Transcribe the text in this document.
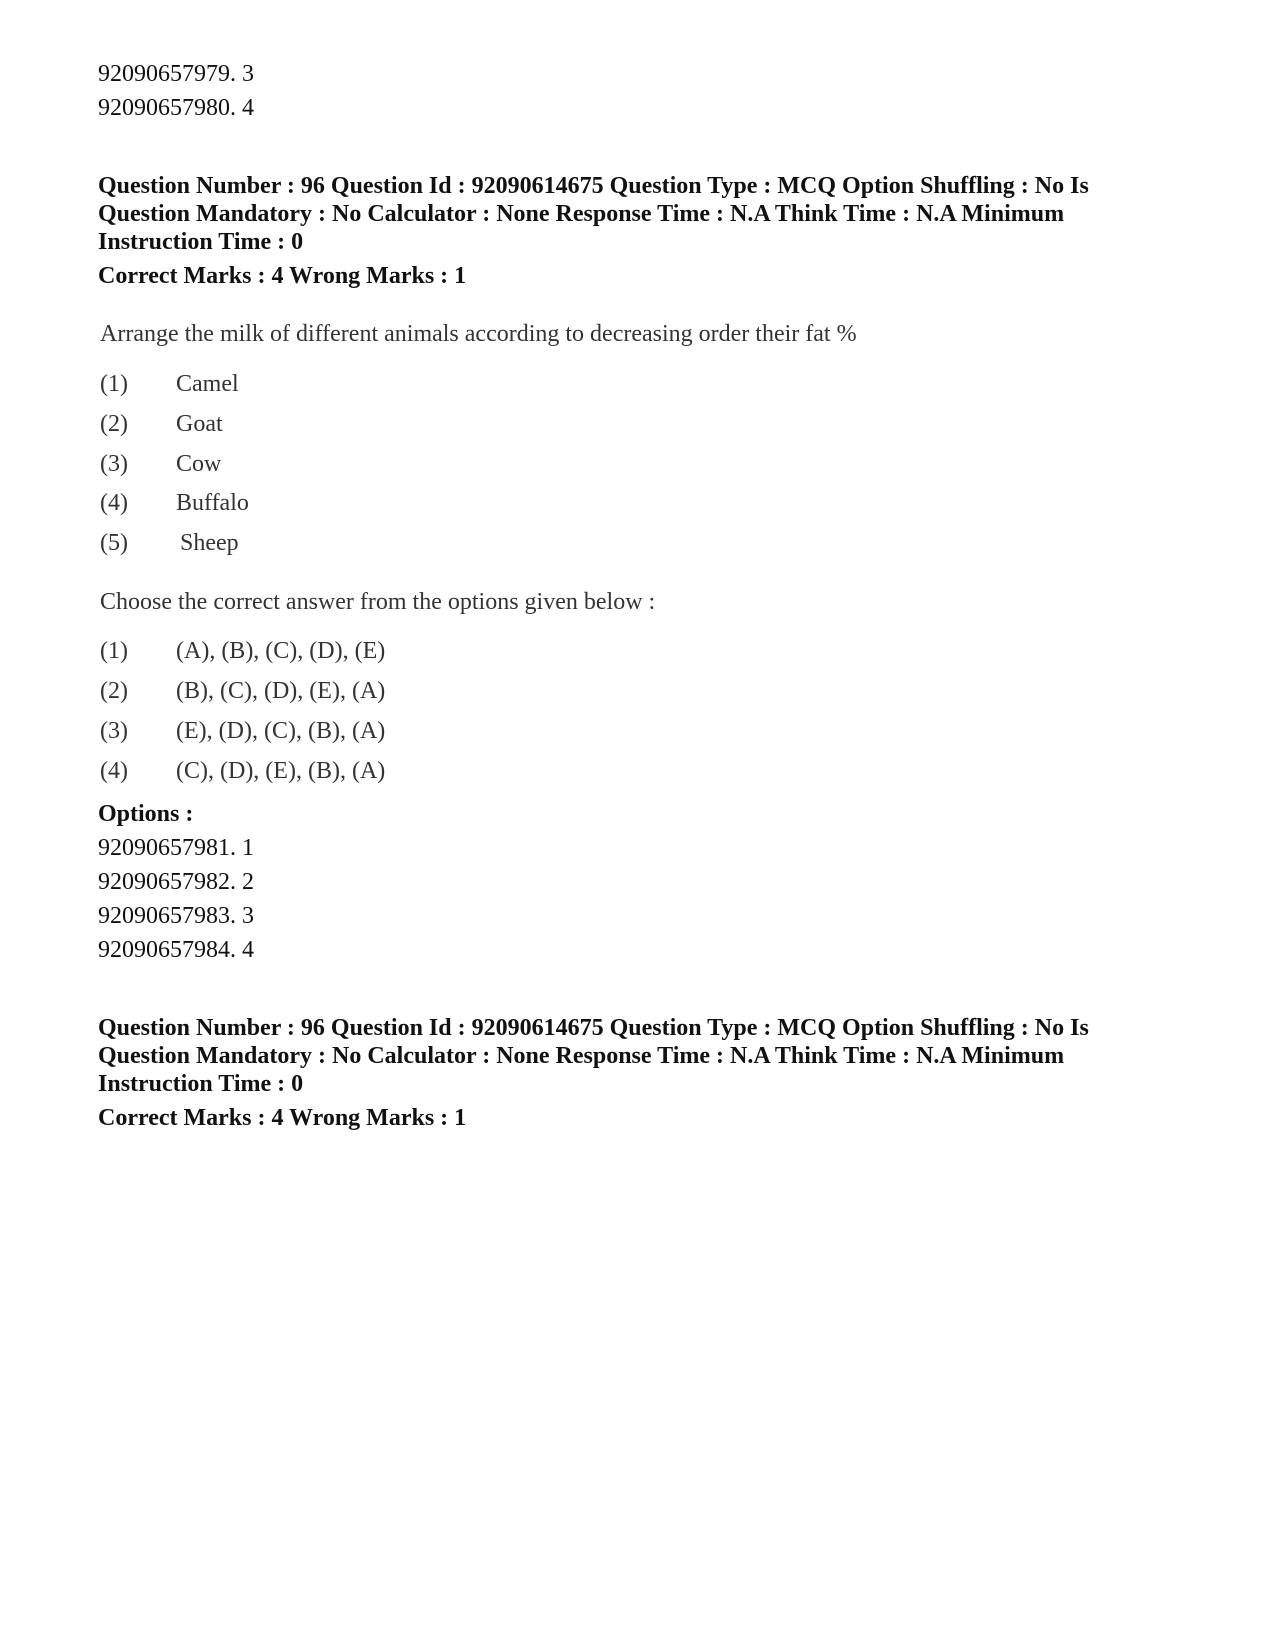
92090657979. 3
92090657980. 4
Question Number : 96 Question Id : 92090614675 Question Type : MCQ Option Shuffling : No Is
Question Mandatory : No Calculator : None Response Time : N.A Think Time : N.A Minimum
Instruction Time : 0
Correct Marks : 4 Wrong Marks : 1
Arrange the milk of different animals according to decreasing order their fat %
(1) Camel
(2) Goat
(3) Cow
(4) Buffalo
(5) Sheep
Choose the correct answer from the options given below :
(1) (A), (B), (C), (D), (E)
(2) (B), (C), (D), (E), (A)
(3) (E), (D), (C), (B), (A)
(4) (C), (D), (E), (B), (A)
Options :
92090657981. 1
92090657982. 2
92090657983. 3
92090657984. 4
Question Number : 96 Question Id : 92090614675 Question Type : MCQ Option Shuffling : No Is
Question Mandatory : No Calculator : None Response Time : N.A Think Time : N.A Minimum
Instruction Time : 0
Correct Marks : 4 Wrong Marks : 1
